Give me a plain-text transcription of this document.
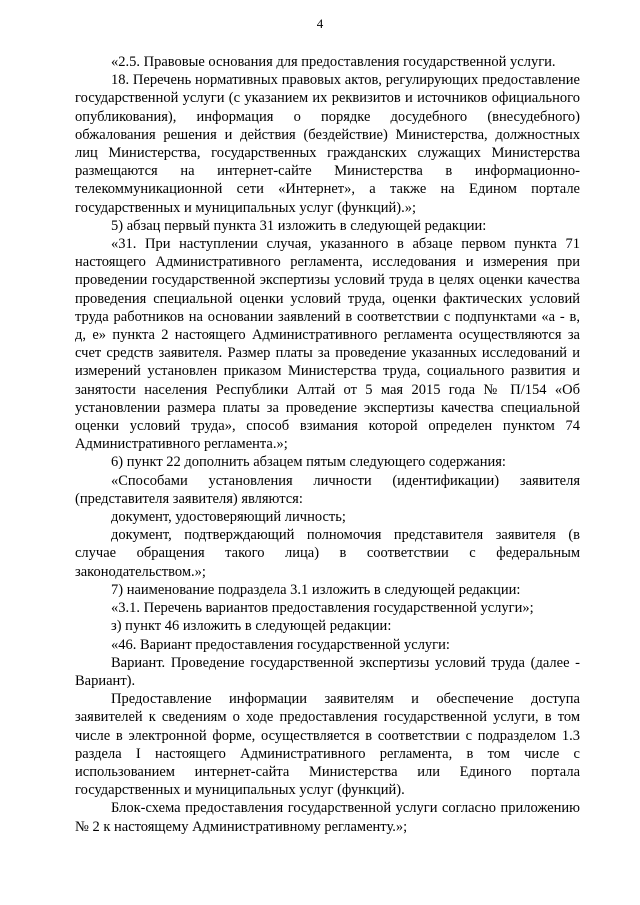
4

«2.5. Правовые основания для предоставления государственной услуги.

18. Перечень нормативных правовых актов, регулирующих предоставление государственной услуги (с указанием их реквизитов и источников официального опубликования), информация о порядке досудебного (внесудебного) обжалования решения и действия (бездействие) Министерства, должностных лиц Министерства, государственных гражданских служащих Министерства размещаются на интернет-сайте Министерства в информационно-телекоммуникационной сети «Интернет», а также на Едином портале государственных и муниципальных услуг (функций).»;

5) абзац первый пункта 31 изложить в следующей редакции:

«31. При наступлении случая, указанного в абзаце первом пункта 71 настоящего Административного регламента, исследования и измерения при проведении государственной экспертизы условий труда в целях оценки качества проведения специальной оценки условий труда, оценки фактических условий труда работников на основании заявлений в соответствии с подпунктами «а - в, д, е» пункта 2 настоящего Административного регламента осуществляются за счет средств заявителя. Размер платы за проведение указанных исследований и измерений установлен приказом Министерства труда, социального развития и занятости населения Республики Алтай от 5 мая 2015 года № П/154 «Об установлении размера платы за проведение экспертизы качества специальной оценки условий труда», способ взимания которой определен пунктом 74 Административного регламента.»;

6) пункт 22 дополнить абзацем пятым следующего содержания:

«Способами установления личности (идентификации) заявителя (представителя заявителя) являются:

документ, удостоверяющий личность;

документ, подтверждающий полномочия представителя заявителя (в случае обращения такого лица) в соответствии с федеральным законодательством.»;

7) наименование подраздела 3.1 изложить в следующей редакции:

«3.1. Перечень вариантов предоставления государственной услуги»;

з) пункт 46 изложить в следующей редакции:

«46. Вариант предоставления государственной услуги:

Вариант. Проведение государственной экспертизы условий труда (далее - Вариант).

Предоставление информации заявителям и обеспечение доступа заявителей к сведениям о ходе предоставления государственной услуги, в том числе в электронной форме, осуществляется в соответствии с подразделом 1.3 раздела I настоящего Административного регламента, в том числе с использованием интернет-сайта Министерства или Единого портала государственных и муниципальных услуг (функций).

Блок-схема предоставления государственной услуги согласно приложению № 2 к настоящему Административному регламенту.»;
